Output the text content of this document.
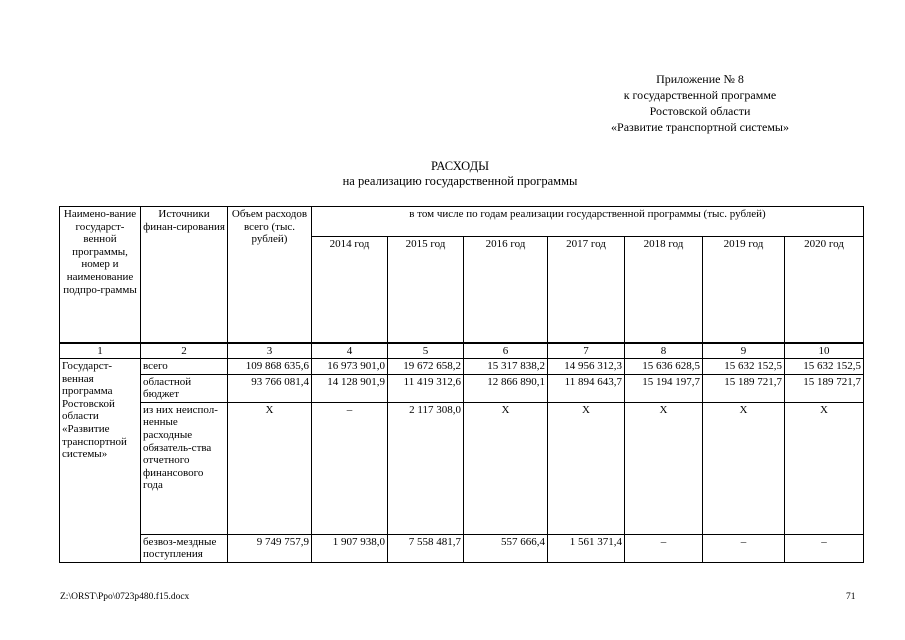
Приложение № 8
к государственной программе
Ростовской области
«Развитие транспортной системы»
РАСХОДЫ
на реализацию государственной программы
Наимено-вание государст-венной программы, номер и наименование подпро-граммы	Источники финан-сирования	Объем расходов всего (тыс. рублей)	в том числе по годам реализации государственной программы (тыс. рублей)						
			2014 год	2015 год	2016 год	2017 год	2018 год	2019 год	2020 год
1	2	3	4	5	6	7	8	9	10
Государст-венная программа Ростовской области «Развитие транспортной системы»	всего	109 868 635,6	16 973 901,0	19 672 658,2	15 317 838,2	14 956 312,3	15 636 628,5	15 632 152,5	15 632 152,5
	областной бюджет	93 766 081,4	14 128 901,9	11 419 312,6	12 866 890,1	11 894 643,7	15 194 197,7	15 189 721,7	15 189 721,7
	из них неиспол-ненные расходные обязатель-ства отчетного финансового года	X	–	2 117 308,0	X	X	X	X	X
	безвоз-мездные поступления	9 749 757,9	1 907 938,0	7 558 481,7	557 666,4	1 561 371,4	–	–	–
Z:\ORST\Ppo\0723p480.f15.docx	71
